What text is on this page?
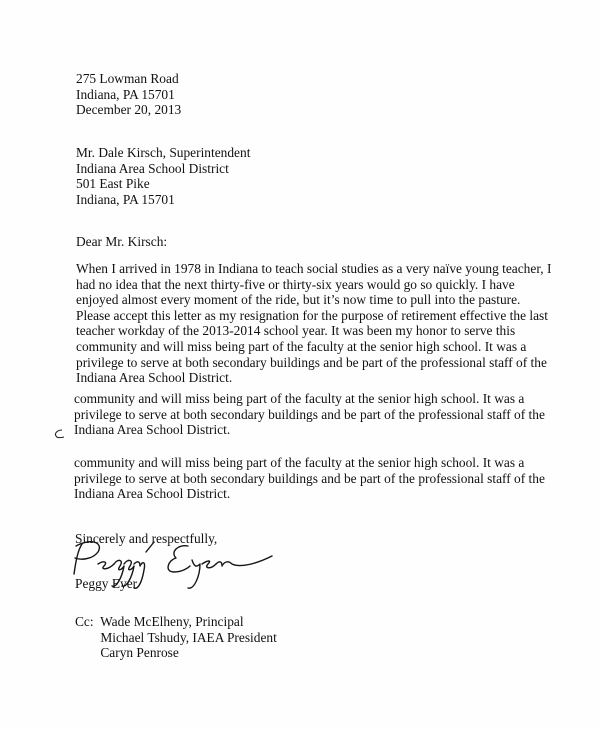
275 Lowman Road
Indiana, PA 15701
December 20, 2013
Mr. Dale Kirsch, Superintendent
Indiana Area School District
501 East Pike
Indiana, PA 15701
Dear Mr. Kirsch:
When I arrived in 1978 in Indiana to teach social studies as a very naïve young teacher, I
had no idea that the next thirty-five or thirty-six years would go so quickly. I have
enjoyed almost every moment of the ride, but it’s now time to pull into the pasture.
Please accept this letter as my resignation for the purpose of retirement effective the last
teacher workday of the 2013-2014 school year. It was been my honor to serve this
community and will miss being part of the faculty at the senior high school. It was a
privilege to serve at both secondary buildings and be part of the professional staff of the
Indiana Area School District.
community and will miss being part of the faculty at the senior high school. It was a
privilege to serve at both secondary buildings and be part of the professional staff of the
Indiana Area School District.
community and will miss being part of the faculty at the senior high school. It was a
privilege to serve at both secondary buildings and be part of the professional staff of the
Indiana Area School District.
Sincerely and respectfully,
Peggy Eyer
Cc: Wade McElheny, Principal
Michael Tshudy, IAEA President
Caryn Penrose
